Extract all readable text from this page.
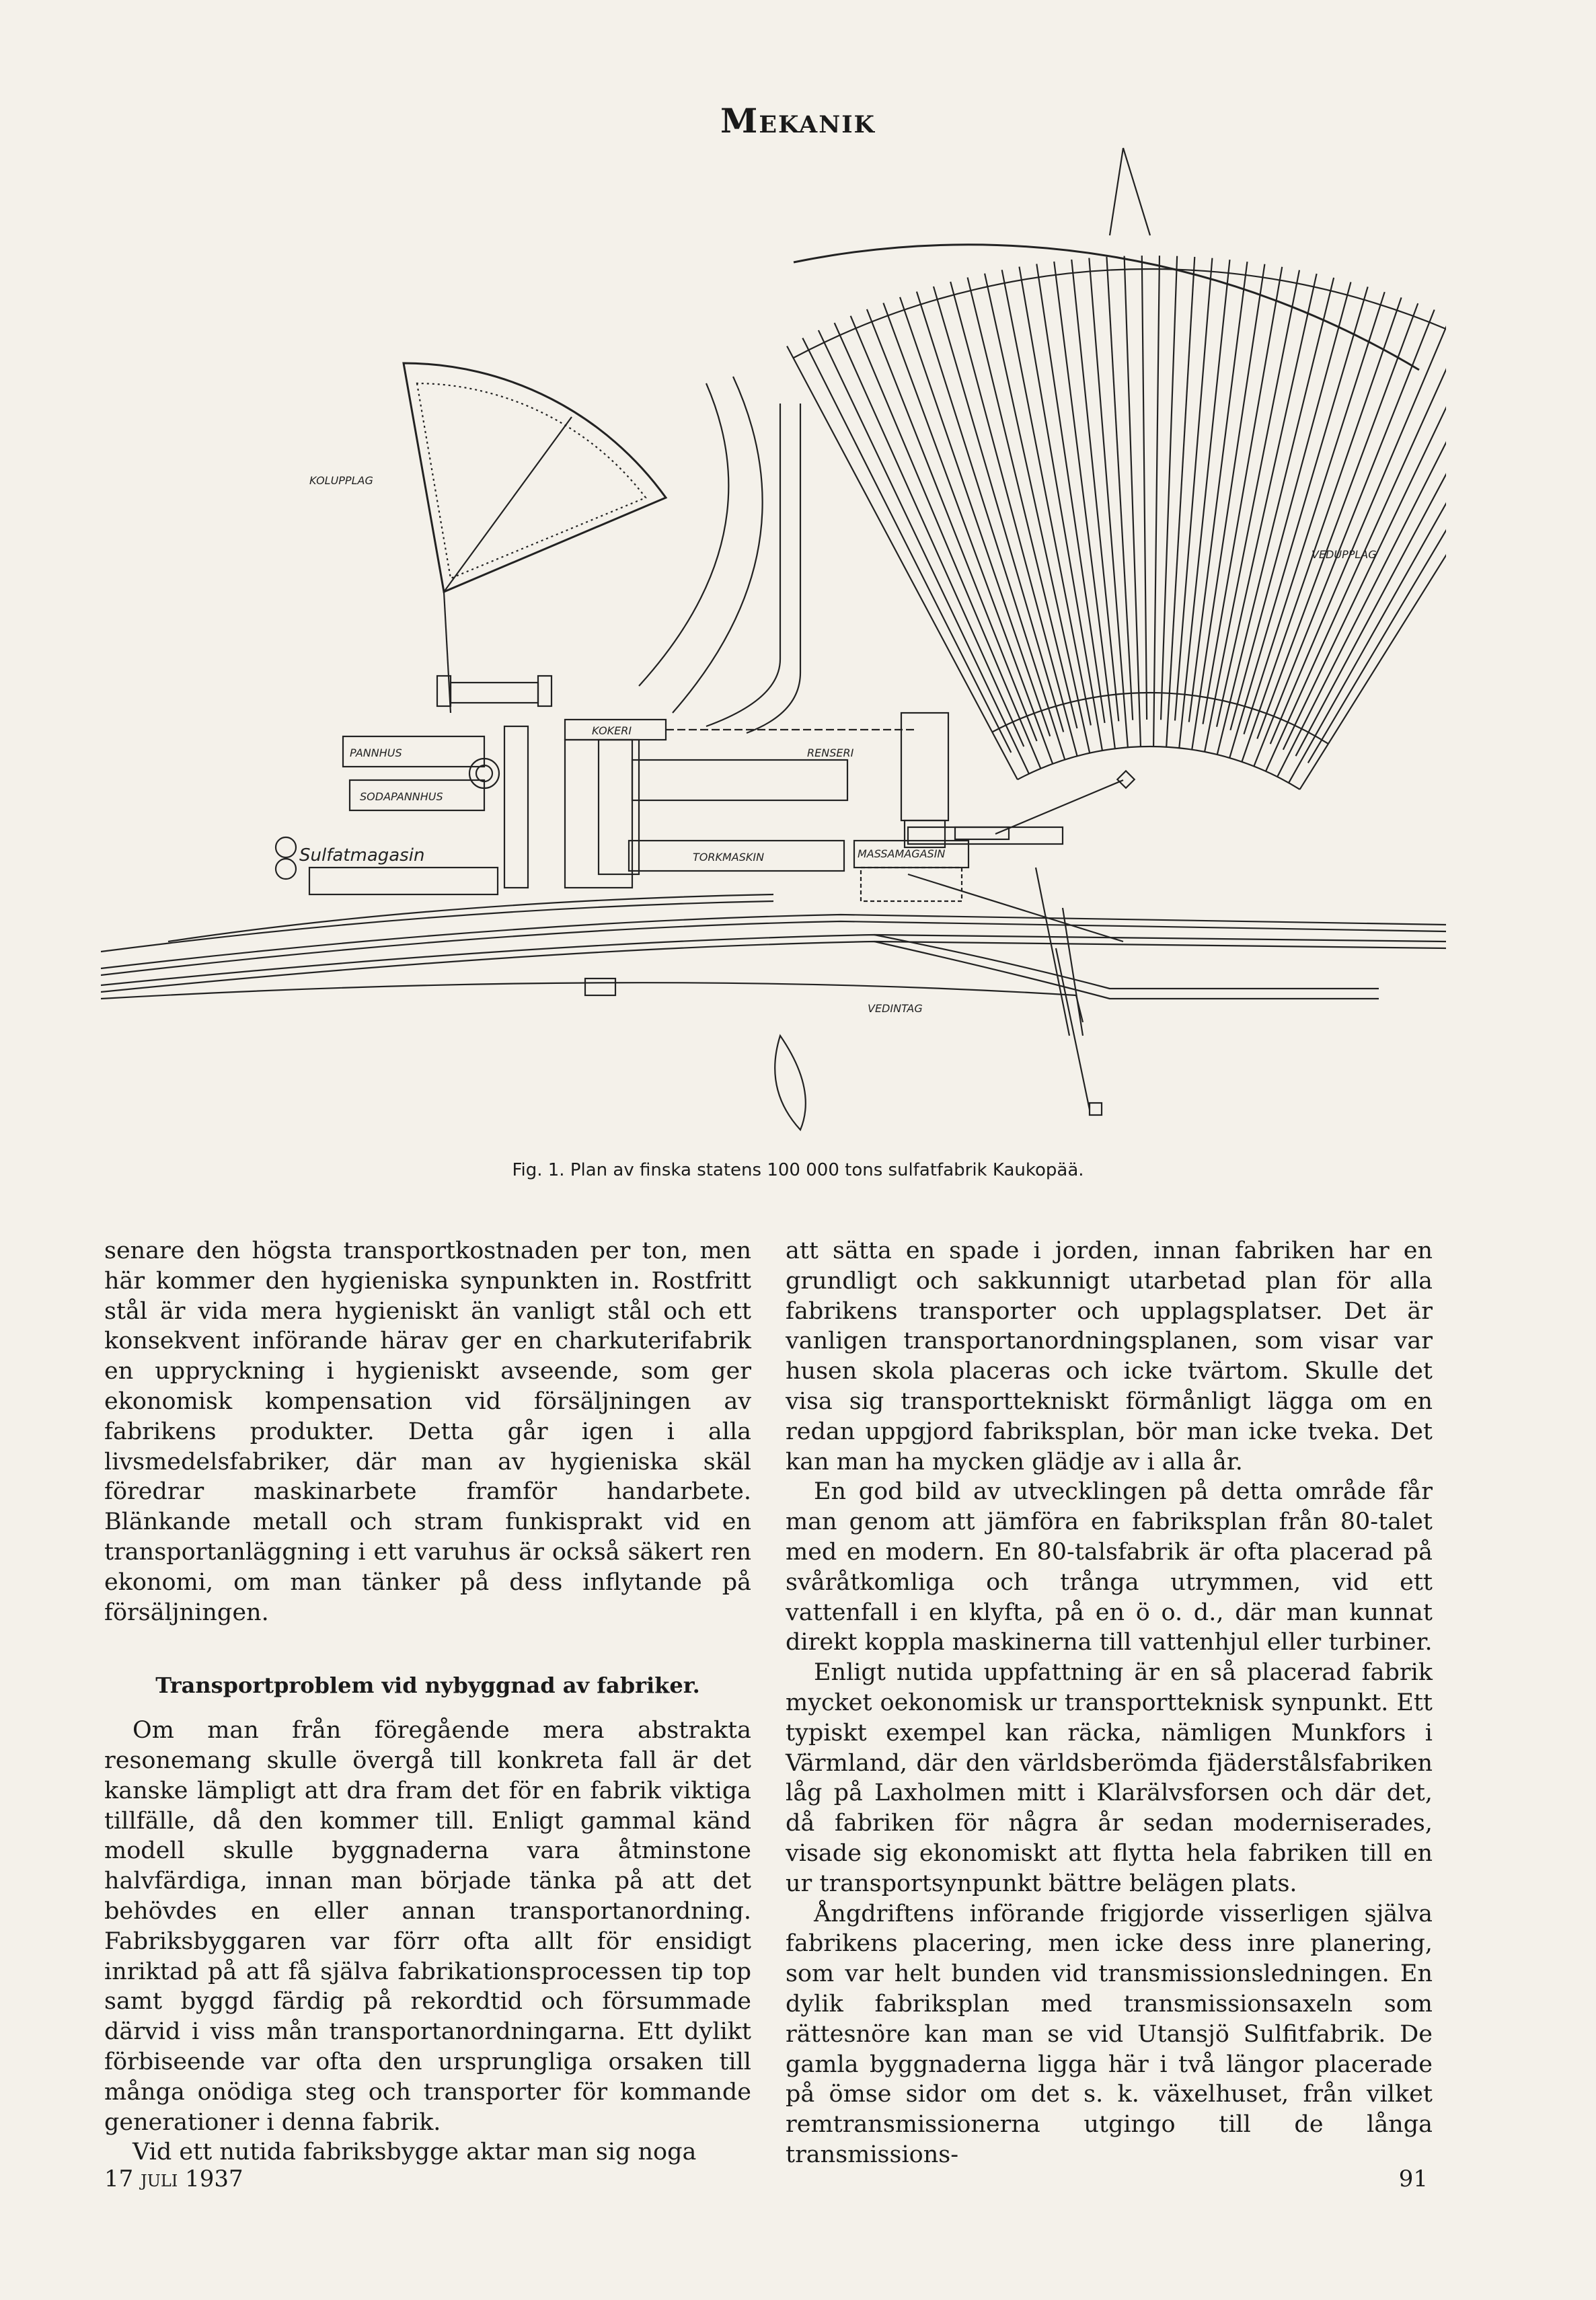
Mekanik
KOLUPPLAG
VEDUPPLAG
PANNHUS
SODAPANNHUS
Sulfatmagasin
KOKERI
RENSERI
TORKMASKIN	MASSAMAGASIN
VEDINTAG
Fig. 1. Plan av finska statens 100 000 tons sulfatfabrik Kaukopää.

senare den högsta transportkostnaden per ton, men här kommer den hygieniska synpunkten in. Rostfritt stål är vida mera hygieniskt än vanligt stål och ett konsekvent införande härav ger en charkuterifabrik en uppryckning i hygieniskt avseende, som ger ekonomisk kompensation vid försäljningen av fabrikens produkter. Detta går igen i alla livsmedelsfabriker, där man av hygieniska skäl föredrar maskinarbete framför handarbete. Blänkande metall och stram funkisprakt vid en transportanläggning i ett varuhus är också säkert ren ekonomi, om man tänker på dess inflytande på försäljningen.

Transportproblem vid nybyggnad av fabriker.

Om man från föregående mera abstrakta resonemang skulle övergå till konkreta fall är det kanske lämpligt att dra fram det för en fabrik viktiga tillfälle, då den kommer till. Enligt gammal känd modell skulle byggnaderna vara åtminstone halvfärdiga, innan man började tänka på att det behövdes en eller annan transportanordning. Fabriksbyggaren var förr ofta allt för ensidigt inriktad på att få själva fabrikationsprocessen tip top samt byggd färdig på rekordtid och försummade därvid i viss mån transportanordningarna. Ett dylikt förbiseende var ofta den ursprungliga orsaken till många onödiga steg och transporter för kommande generationer i denna fabrik.

Vid ett nutida fabriksbygge aktar man sig noga

att sätta en spade i jorden, innan fabriken har en grundligt och sakkunnigt utarbetad plan för alla fabrikens transporter och upplagsplatser. Det är vanligen transportanordningsplanen, som visar var husen skola placeras och icke tvärtom. Skulle det visa sig transporttekniskt förmånligt lägga om en redan uppgjord fabriksplan, bör man icke tveka. Det kan man ha mycken glädje av i alla år.

En god bild av utvecklingen på detta område får man genom att jämföra en fabriksplan från 80-talet med en modern. En 80-talsfabrik är ofta placerad på svåråtkomliga och trånga utrymmen, vid ett vattenfall i en klyfta, på en ö o. d., där man kunnat direkt koppla maskinerna till vattenhjul eller turbiner.

Enligt nutida uppfattning är en så placerad fabrik mycket oekonomisk ur transportteknisk synpunkt. Ett typiskt exempel kan räcka, nämligen Munkfors i Värmland, där den världsberömda fjäderstålsfabriken låg på Laxholmen mitt i Klarälvsforsen och där det, då fabriken för några år sedan moderniserades, visade sig ekonomiskt att flytta hela fabriken till en ur transportsynpunkt bättre belägen plats.

Ångdriftens införande frigjorde visserligen själva fabrikens placering, men icke dess inre planering, som var helt bunden vid transmissionsledningen. En dylik fabriksplan med transmissionsaxeln som rättesnöre kan man se vid Utansjö Sulfitfabrik. De gamla byggnaderna ligga här i två längor placerade på ömse sidor om det s. k. växelhuset, från vilket remtransmissionerna utgingo till de långa transmissions-

17 juli 1937	91
